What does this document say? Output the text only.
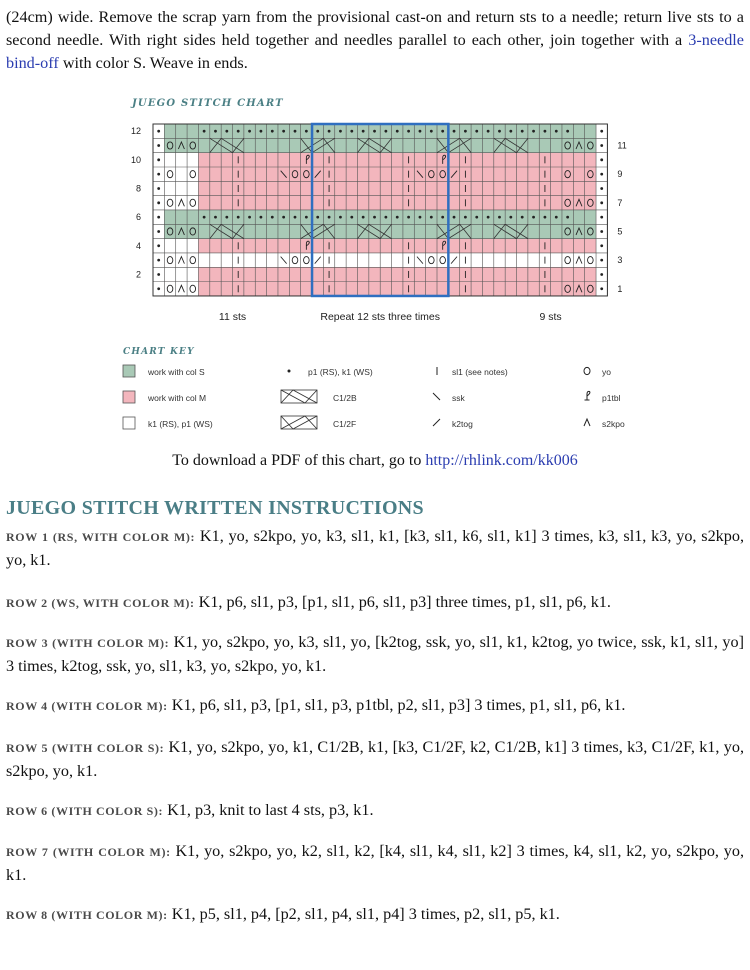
(24cm) wide. Remove the scrap yarn from the provisional cast-on and return sts to a needle; return live sts to a second needle. With right sides held together and needles parallel to each other, join together with a 3-needle bind-off with color S. Weave in ends.
JUEGO STITCH CHART
12
10
8
6
4
2
11
9
7
5
3
1
11 sts	Repeat 12 sts three times	9 sts
CHART KEY
work with col S	p1 (RS), k1 (WS)	sl1 (see notes)	yo
work with col M	C1/2B	ssk	p1tbl
k1 (RS), p1 (WS)	C1/2F	k2tog	s2kpo
To download a PDF of this chart, go to http://rhlink.com/kk006
JUEGO STITCH WRITTEN INSTRUCTIONS
ROW 1 (RS, WITH COLOR M): K1, yo, s2kpo, yo, k3, sl1, k1, [k3, sl1, k6, sl1, k1] 3 times, k3, sl1, k3, yo, s2kpo, yo, k1.
ROW 2 (WS, WITH COLOR M): K1, p6, sl1, p3, [p1, sl1, p6, sl1, p3] three times, p1, sl1, p6, k1.
ROW 3 (WITH COLOR M): K1, yo, s2kpo, yo, k3, sl1, yo, [k2tog, ssk, yo, sl1, k1, k2tog, yo twice, ssk, k1, sl1, yo] 3 times, k2tog, ssk, yo, sl1, k3, yo, s2kpo, yo, k1.
ROW 4 (WITH COLOR M): K1, p6, sl1, p3, [p1, sl1, p3, p1tbl, p2, sl1, p3] 3 times, p1, sl1, p6, k1.
ROW 5 (WITH COLOR S): K1, yo, s2kpo, yo, k1, C1/2B, k1, [k3, C1/2F, k2, C1/2B, k1] 3 times, k3, C1/2F, k1, yo, s2kpo, yo, k1.
ROW 6 (WITH COLOR S): K1, p3, knit to last 4 sts, p3, k1.
ROW 7 (WITH COLOR M): K1, yo, s2kpo, yo, k2, sl1, k2, [k4, sl1, k4, sl1, k2] 3 times, k4, sl1, k2, yo, s2kpo, yo, k1.
ROW 8 (WITH COLOR M): K1, p5, sl1, p4, [p2, sl1, p4, sl1, p4] 3 times, p2, sl1, p5, k1.
